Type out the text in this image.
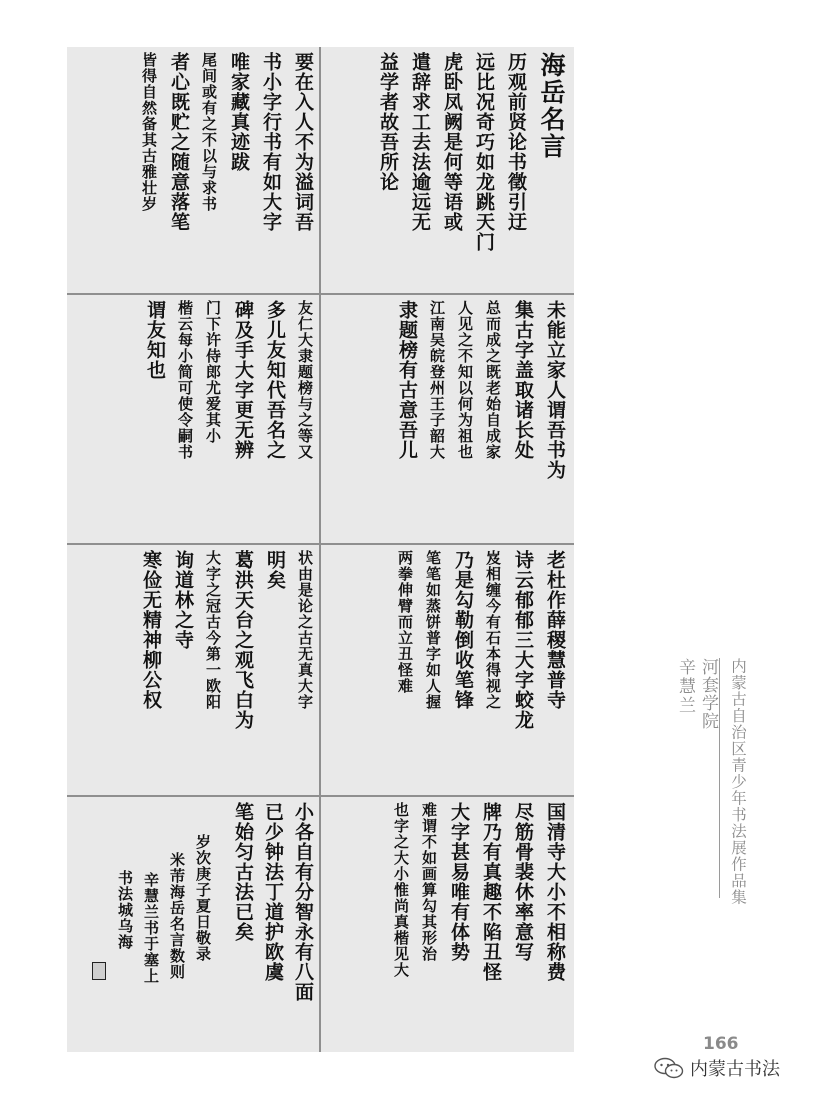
海岳名言
历观前贤论书徵引迂
远比况奇巧如龙跳天门
虎卧凤阙是何等语或
遣辞求工去法逾远无
益学者故吾所论
要在入人不为溢词吾
书小字行书有如大字
唯家藏真迹跋
尾间或有之不以与求书
者心既贮之随意落笔
皆得自然备其古雅壮岁
未能立家人谓吾书为
集古字盖取诸长处
总而成之既老始自成家
人见之不知以何为祖也
江南吴皖登州王子韶大
隶题榜有古意吾儿
友仁大隶题榜与之等又
多儿友知代吾名之
碑及手大字更无辨
门下许侍郎尤爱其小
楷云每小简可使令嗣书
谓友知也
老杜作薛稷慧普寺
诗云郁郁三大字蛟龙
岌相缠今有石本得视之
乃是勾勒倒收笔锋
笔笔如蒸饼普字如人握
两拳伸臂而立丑怪难
状由是论之古无真大字
明矣
葛洪天台之观飞白为
大字之冠古今第一欧阳
询道林之寺
寒俭无精神柳公权
国清寺大小不相称费
尽筋骨裴休率意写
牌乃有真趣不陷丑怪
大字甚易唯有体势
难谓不如画算勾其形治
也字之大小惟尚真楷见大
小各自有分智永有八面
已少钟法丁道护欧虞
笔始匀古法已矣
岁次庚子夏日敬录
米芾海岳名言数则
辛慧兰书于塞上
书法城乌海
内蒙古自治区青少年书法展作品集
河套学院
辛慧兰
166
内蒙古书法
